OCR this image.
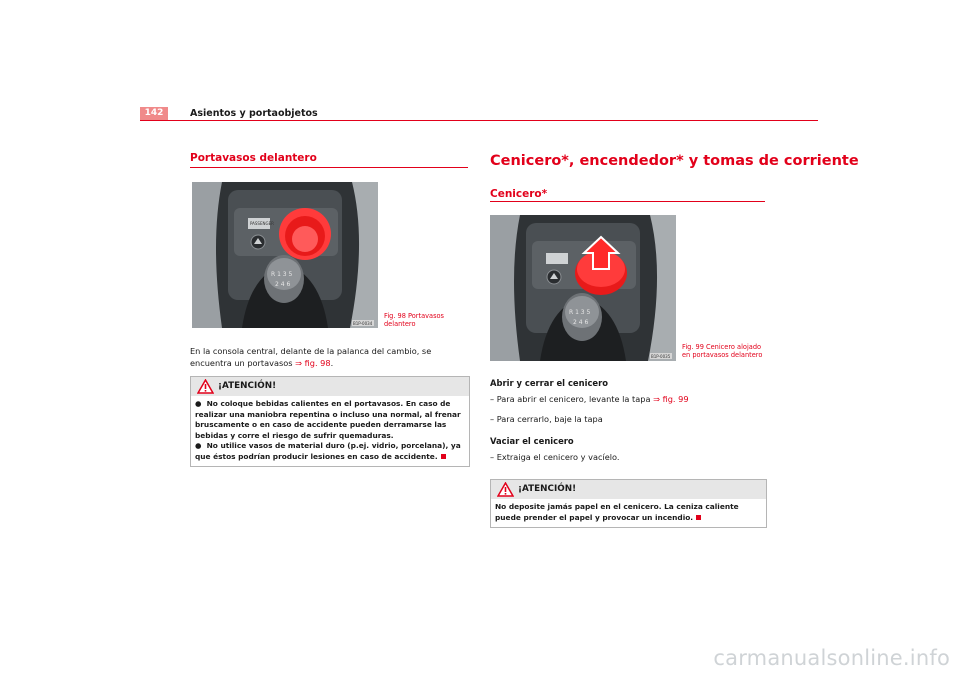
142	Asientos y portaobjetos
Portavasos delantero
PASSENGER
R 1 3 5
2 4 6
B1P-0034
Fig. 98 Portavasos delantero
En la consola central, delante de la palanca del cambio, se encuentra un portavasos ⇒ fig. 98.
¡ATENCIÓN!
●  No coloque bebidas calientes en el portavasos. En caso de realizar una maniobra repentina o incluso una normal, al frenar bruscamente o en caso de accidente pueden derramarse las bebidas y corre el riesgo de sufrir quemaduras.
●  No utilice vasos de material duro (p.ej. vidrio, porcelana), ya que éstos podrían producir lesiones en caso de accidente.
Cenicero*, encendedor* y tomas de corriente
Cenicero*
R 1 3 5
2 4 6
B1P-0035
Fig. 99 Cenicero alojado en portavasos delantero
Abrir y cerrar el cenicero
– Para abrir el cenicero, levante la tapa ⇒ fig. 99
– Para cerrarlo, baje la tapa
Vaciar el cenicero
– Extraiga el cenicero y vacíelo.
¡ATENCIÓN!
No deposite jamás papel en el cenicero. La ceniza caliente puede prender el papel y provocar un incendio.
carmanualsonline.info
